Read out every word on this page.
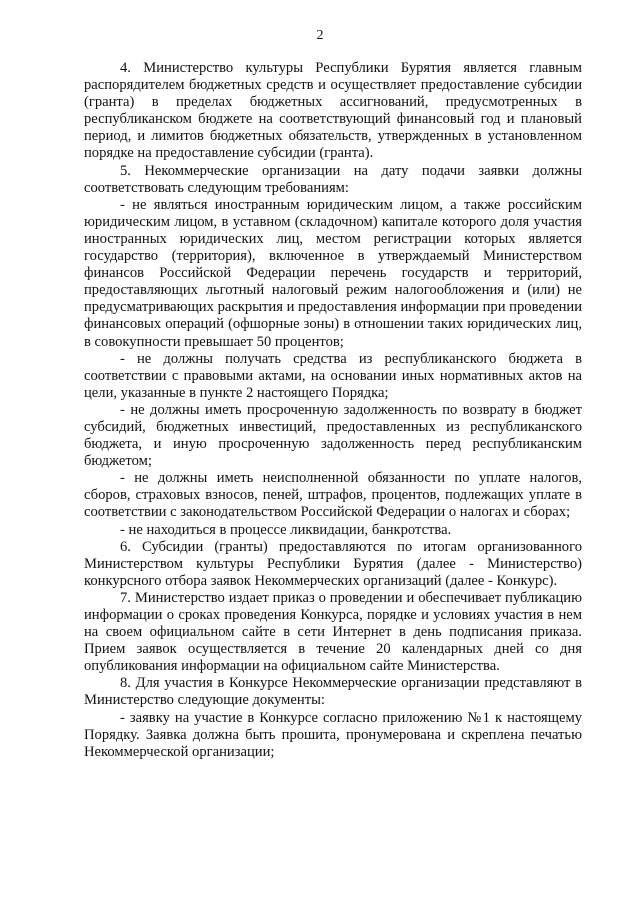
2

4. Министерство культуры Республики Бурятия является главным распорядителем бюджетных средств и осуществляет предоставление субсидии (гранта) в пределах бюджетных ассигнований, предусмотренных в республиканском бюджете на соответствующий финансовый год и плановый период, и лимитов бюджетных обязательств, утвержденных в установленном порядке на предоставление субсидии (гранта).

5. Некоммерческие организации на дату подачи заявки должны соответствовать следующим требованиям:

- не являться иностранным юридическим лицом, а также российским юридическим лицом, в уставном (складочном) капитале которого доля участия иностранных юридических лиц, местом регистрации которых является государство (территория), включенное в утверждаемый Министерством финансов Российской Федерации перечень государств и территорий, предоставляющих льготный налоговый режим налогообложения и (или) не предусматривающих раскрытия и предоставления информации при проведении финансовых операций (офшорные зоны) в отношении таких юридических лиц, в совокупности превышает 50 процентов;

- не должны получать средства из республиканского бюджета в соответствии с правовыми актами, на основании иных нормативных актов на цели, указанные в пункте 2 настоящего Порядка;

- не должны иметь просроченную задолженность по возврату в бюджет субсидий, бюджетных инвестиций, предоставленных из республиканского бюджета, и иную просроченную задолженность перед республиканским бюджетом;

- не должны иметь неисполненной обязанности по уплате налогов, сборов, страховых взносов, пеней, штрафов, процентов, подлежащих уплате в соответствии с законодательством Российской Федерации о налогах и сборах;

- не находиться в процессе ликвидации, банкротства.

6. Субсидии (гранты) предоставляются по итогам организованного Министерством культуры Республики Бурятия (далее - Министерство) конкурсного отбора заявок Некоммерческих организаций (далее - Конкурс).

7. Министерство издает приказ о проведении и обеспечивает публикацию информации о сроках проведения Конкурса, порядке и условиях участия в нем на своем официальном сайте в сети Интернет в день подписания приказа. Прием заявок осуществляется в течение 20 календарных дней со дня опубликования информации на официальном сайте Министерства.

8. Для участия в Конкурсе Некоммерческие организации представляют в Министерство следующие документы:

- заявку на участие в Конкурсе согласно приложению №1 к настоящему Порядку. Заявка должна быть прошита, пронумерована и скреплена печатью Некоммерческой организации;
